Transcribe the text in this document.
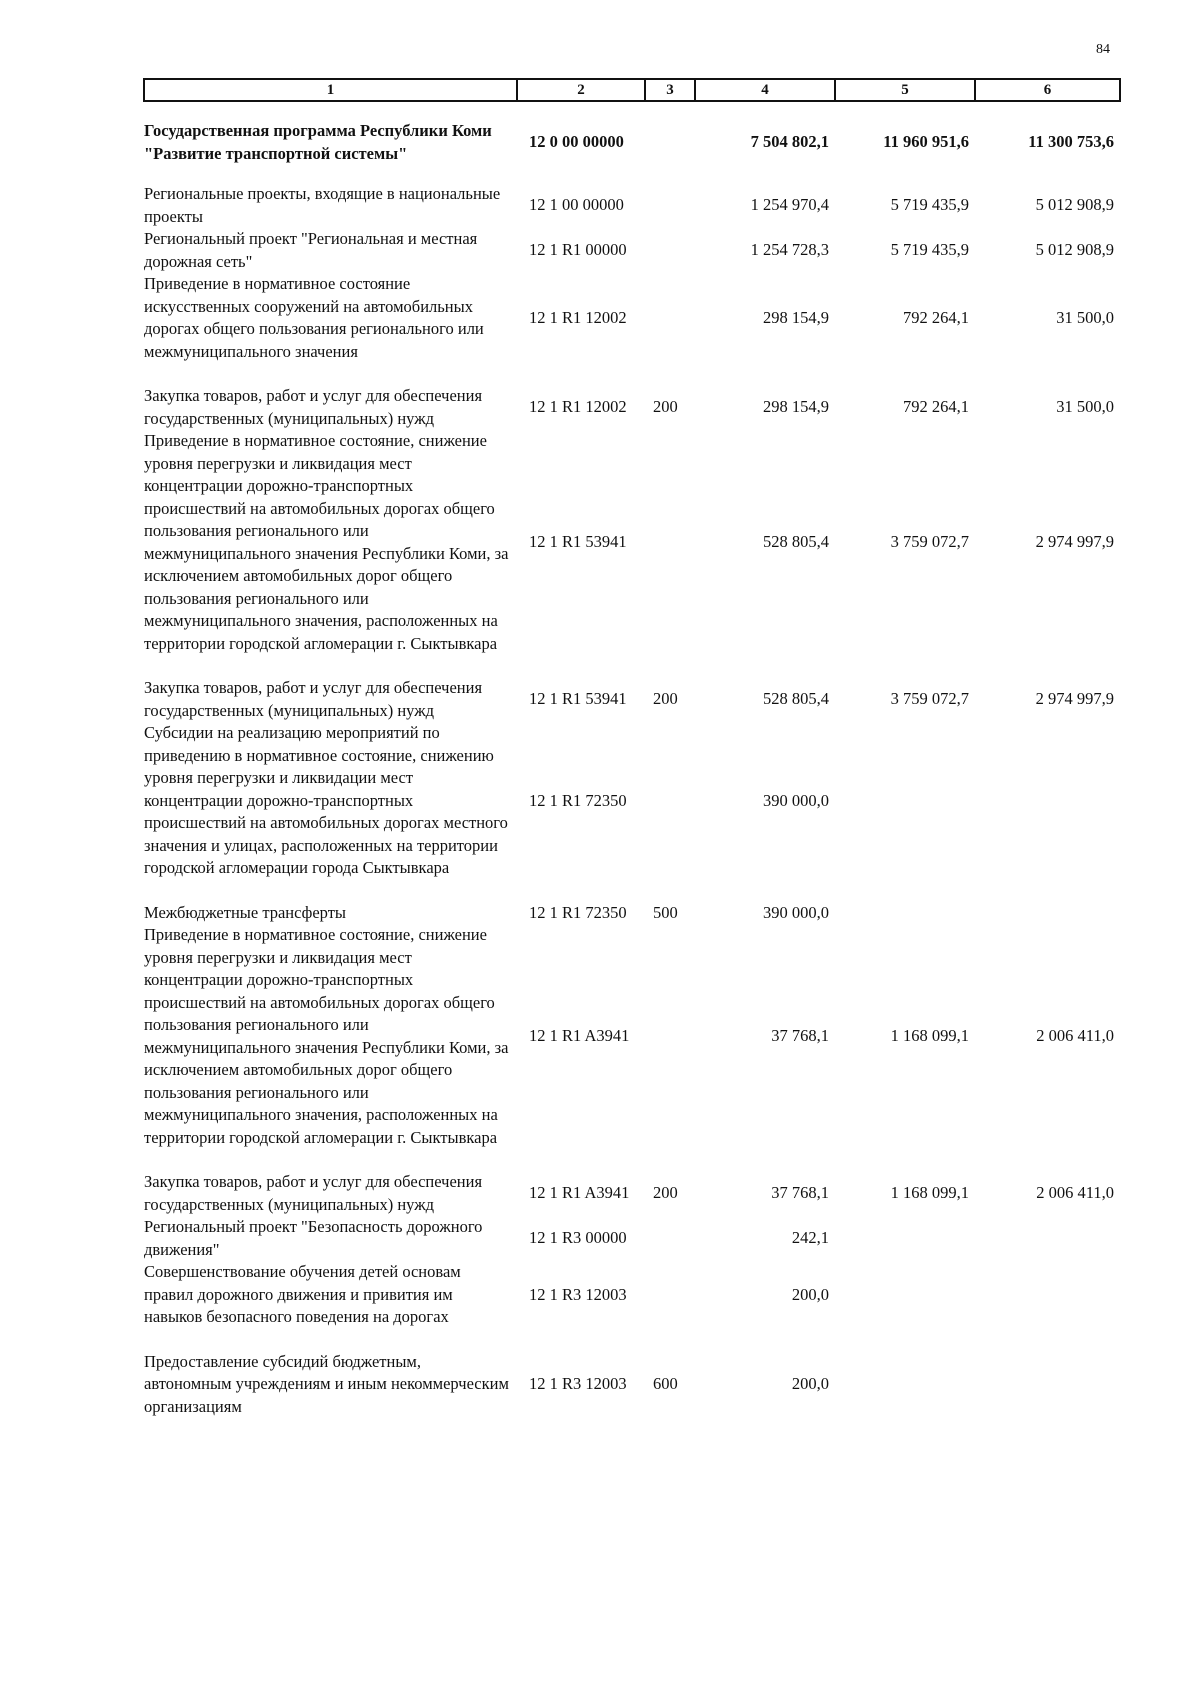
84
1	2	3	4	5	6
Государственная программа Республики Коми "Развитие транспортной системы"	12 0 00 00000		7 504 802,1	11 960 951,6	11 300 753,6
Региональные проекты, входящие в национальные проекты	12 1 00 00000		1 254 970,4	5 719 435,9	5 012 908,9
Региональный проект "Региональная и местная дорожная сеть"	12 1 R1 00000		1 254 728,3	5 719 435,9	5 012 908,9
Приведение в нормативное состояние искусственных сооружений на автомобильных дорогах общего пользования регионального или межмуниципального значения	12 1 R1 12002		298 154,9	792 264,1	31 500,0

Закупка товаров, работ и услуг для обеспечения государственных (муниципальных) нужд	12 1 R1 12002	200	298 154,9	792 264,1	31 500,0
Приведение в нормативное состояние, снижение уровня перегрузки и ликвидация мест концентрации дорожно-транспортных происшествий на автомобильных дорогах общего пользования регионального или межмуниципального значения Республики Коми, за исключением автомобильных дорог общего пользования регионального или межмуниципального значения, расположенных на территории городской агломерации г. Сыктывкара	12 1 R1 53941		528 805,4	3 759 072,7	2 974 997,9

Закупка товаров, работ и услуг для обеспечения государственных (муниципальных) нужд	12 1 R1 53941	200	528 805,4	3 759 072,7	2 974 997,9
Субсидии на реализацию мероприятий по приведению в нормативное состояние, снижению уровня перегрузки и ликвидации мест концентрации дорожно-транспортных происшествий на автомобильных дорогах местного значения и улицах, расположенных на территории городской агломерации города Сыктывкара	12 1 R1 72350		390 000,0		

Межбюджетные трансферты	12 1 R1 72350	500	390 000,0		
Приведение в нормативное состояние, снижение уровня перегрузки и ликвидация мест концентрации дорожно-транспортных происшествий на автомобильных дорогах общего пользования регионального или межмуниципального значения Республики Коми, за исключением автомобильных дорог общего пользования регионального или межмуниципального значения, расположенных на территории городской агломерации г. Сыктывкара	12 1 R1 A3941		37 768,1	1 168 099,1	2 006 411,0

Закупка товаров, работ и услуг для обеспечения государственных (муниципальных) нужд	12 1 R1 A3941	200	37 768,1	1 168 099,1	2 006 411,0
Региональный проект "Безопасность дорожного движения"	12 1 R3 00000		242,1		
Совершенствование обучения детей основам правил дорожного движения и привития им навыков безопасного поведения на дорогах	12 1 R3 12003		200,0		

Предоставление субсидий бюджетным, автономным учреждениям и иным некоммерческим организациям	12 1 R3 12003	600	200,0		
